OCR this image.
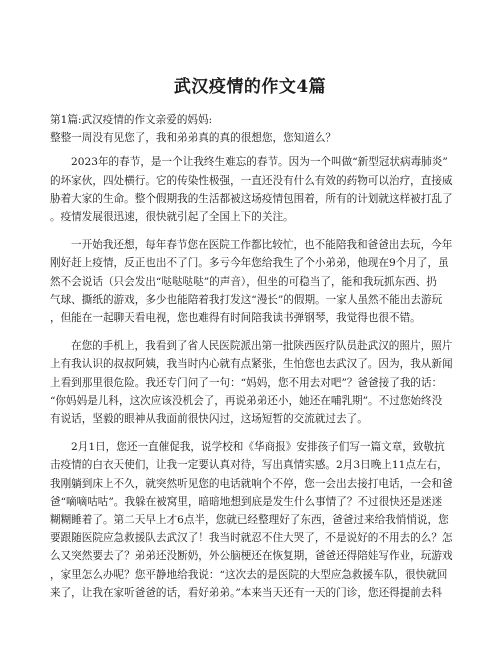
武汉疫情的作文4篇
第1篇:武汉疫情的作文亲爱的妈妈:
整整一周没有见您了，我和弟弟真的真的很想您，您知道么？
2023年的春节，是一个让我终生难忘的春节。因为一个叫做“新型冠状病毒肺炎”
的坏家伙，四处横行。它的传染性极强，一直还没有什么有效的药物可以治疗，直接威
胁着大家的生命。整个假期我的生活都被这场疫情包围着，所有的计划就这样被打乱了
。疫情发展很迅速，很快就引起了全国上下的关注。
一开始我还想，每年春节您在医院工作都比较忙，也不能陪我和爸爸出去玩，今年
刚好赶上疫情，反正也出不了门。多亏今年您给我生了个小弟弟，他现在9个月了，虽
然不会说话（只会发出“哒哒哒哒”的声音），但坐的可稳当了，能和我玩抓东西、扔
气球、撕纸的游戏，多少也能陪着我打发这“漫长”的假期。一家人虽然不能出去游玩
，但能在一起聊天看电视，您也难得有时间陪我读书弹钢琴，我觉得也很不错。
在您的手机上，我看到了省人民医院派出第一批陕西医疗队员赴武汉的照片，照片
上有我认识的叔叔阿姨，我当时内心就有点紧张，生怕您也去武汉了。因为，我从新闻
上看到那里很危险。我还专门问了一句：“妈妈，您不用去对吧”？爸爸接了我的话：
“你妈妈是儿科，这次应该没机会了，再说弟弟还小，她还在哺乳期”。不过您始终没
有说话，坚毅的眼神从我面前很快闪过，这场短暂的交流就过去了。
2月1日，您还一直催促我，说学校和《华商报》安排孩子们写一篇文章，致敬抗
击疫情的白衣天使们，让我一定要认真对待，写出真情实感。2月3日晚上11点左右，
我刚躺到床上不久，就突然听见您的电话就响个不停，您一会出去接打电话，一会和爸
爸“嘀嘀咕咕”。我躲在被窝里，暗暗地想到底是发生什么事情了？不过很快还是迷迷
糊糊睡着了。第二天早上才6点半，您就已经整理好了东西，爸爸过来给我悄悄说，您
要跟随医院应急救援队去武汉了！我当时就忍不住大哭了，不是说好的不用去的么？怎
么又突然要去了？弟弟还没断奶，外公脑梗还在恢复期，爸爸还得陪娃写作业，玩游戏
，家里怎么办呢？您平静地给我说：“这次去的是医院的大型应急救援车队，很快就回
来了，让我在家听爸爸的话，看好弟弟。”本来当天还有一天的门诊，您还得提前去科
